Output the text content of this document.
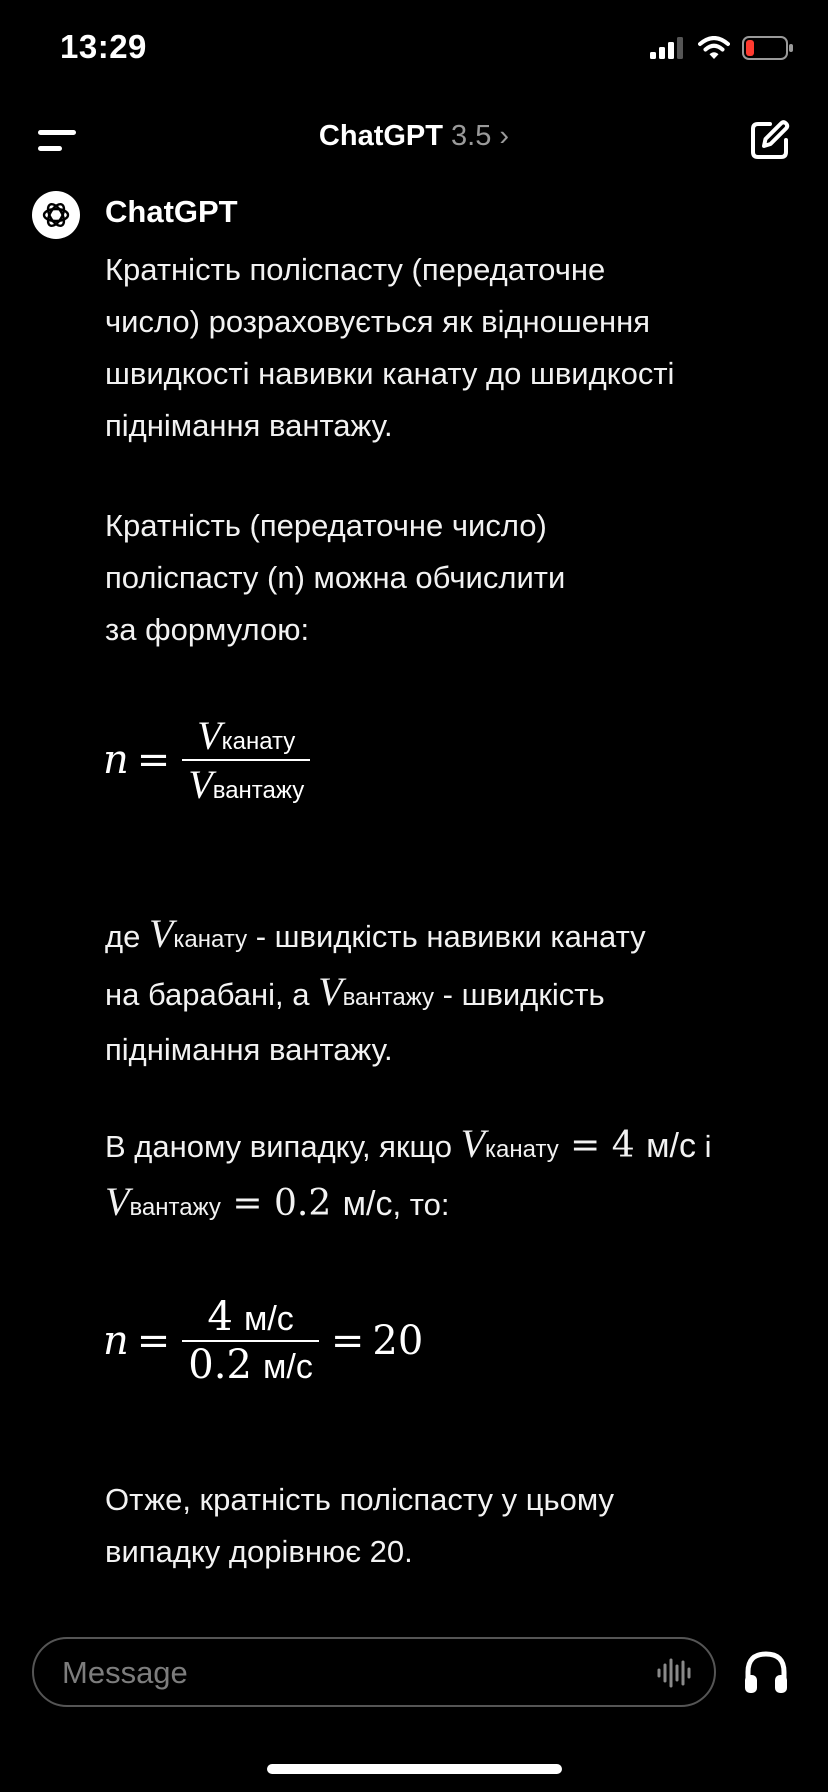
13:29
ChatGPT 3.5 ›
ChatGPT
Кратність поліспасту (передаточне
число) розраховується як відношення
швидкості навивки канату до швидкості
піднімання вантажу.
Кратність (передаточне число)
поліспасту (n) можна обчислити
за формулою:
$n = \frac{\text{Vканату}}{\text{Vвантажу}}$
де Vканату - швидкість навивки канату
на барабані, а Vвантажу - швидкість
піднімання вантажу.
В даному випадку, якщо Vканату = 4 м/с і
Vвантажу = 0.2 м/с, то:
$n = \frac{4 м/с}{0.2 м/с} = 20$
Отже, кратність поліспасту у цьому
випадку дорівнює 20.
Message
